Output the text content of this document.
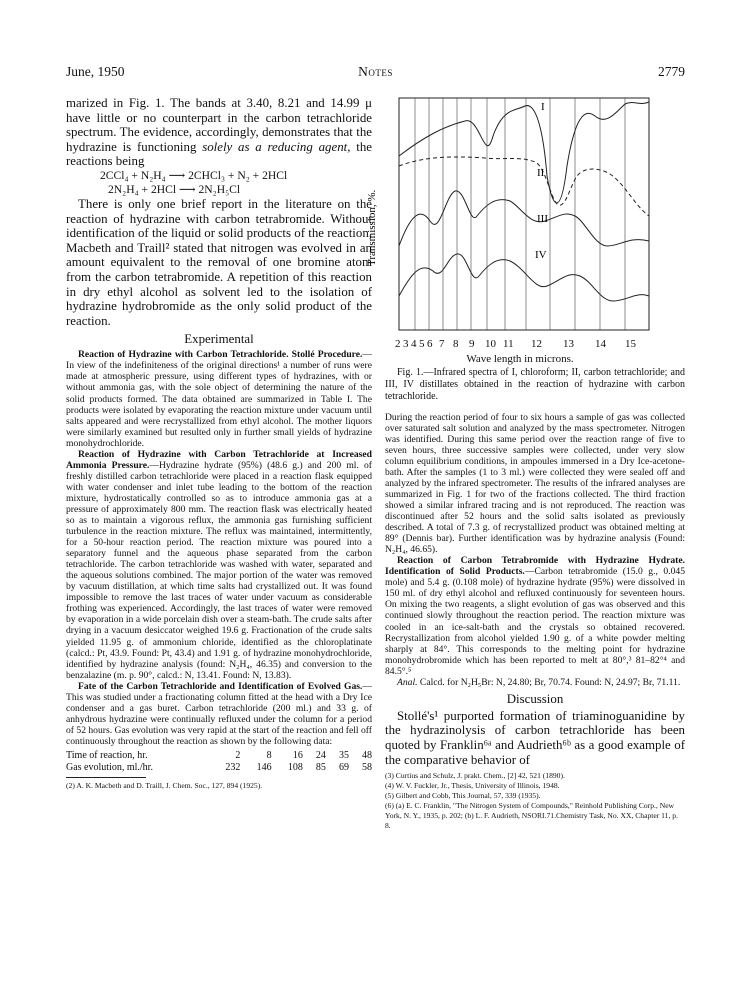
June, 1950	Notes	2779

marized in Fig. 1. The bands at 3.40, 8.21 and 14.99 μ have little or no counterpart in the carbon tetrachloride spectrum. The evidence, accordingly, demonstrates that the hydrazine is functioning solely as a reducing agent, the reactions being

2CCl₄ + N₂H₄ ⟶ 2CHCl₃ + N₂ + 2HCl
2N₂H₄ + 2HCl ⟶ 2N₂H₅Cl

There is only one brief report in the literature on the reaction of hydrazine with carbon tetrabromide. Without identification of the liquid or solid products of the reaction, Macbeth and Traill² stated that nitrogen was evolved in an amount equivalent to the removal of one bromine atom from the carbon tetrabromide. A repetition of this reaction in dry ethyl alcohol as solvent led to the isolation of hydrazine hydrobromide as the only solid product of the reaction.

Experimental

Reaction of Hydrazine with Carbon Tetrachloride. Stollé Procedure.—In view of the indefiniteness of the original directions¹ a number of runs were made at atmospheric pressure, using different types of hydrazines, with or without ammonia gas, with the sole object of determining the nature of the solid products formed. The data obtained are summarized in Table I. The products were isolated by evaporating the reaction mixture under vacuum until salts appeared and were recrystallized from ethyl alcohol. The mother liquors were similarly examined but resulted only in further small yields of hydrazine monohydrochloride.

Reaction of Hydrazine with Carbon Tetrachloride at Increased Ammonia Pressure.—Hydrazine hydrate (95%) (48.6 g.) and 200 ml. of freshly distilled carbon tetrachloride were placed in a reaction flask equipped with water condenser and inlet tube leading to the bottom of the reaction mixture, hydrostatically controlled so as to introduce ammonia gas at a pressure of approximately 800 mm. The reaction flask was electrically heated so as to maintain a vigorous reflux, the ammonia gas furnishing sufficient turbulence in the reaction mixture. The reflux was maintained, intermittently, for a 50-hour reaction period. The reaction mixture was poured into a separatory funnel and the aqueous phase separated from the carbon tetrachloride. The carbon tetrachloride was washed with water, separated and the aqueous solutions combined. The major portion of the water was removed by vacuum distillation, at which time salts had crystallized out. It was found impossible to remove the last traces of water under vacuum as considerable frothing was experienced. Accordingly, the last traces of water were removed by evaporation in a wide porcelain dish over a steam-bath. The crude salts after drying in a vacuum desiccator weighed 19.6 g. Fractionation of the crude salts yielded 11.95 g. of ammonium chloride, identified as the chloroplatinate (calcd.: Pt, 43.9. Found: Pt, 43.4) and 1.91 g. of hydrazine monohydrochloride, identified by hydrazine analysis (found: N₂H₄, 46.35) and conversion to the benzalazine (m. p. 90°, calcd.: N, 13.41. Found: N, 13.83).

Fate of the Carbon Tetrachloride and Identification of Evolved Gas.—This was studied under a fractionating column fitted at the head with a Dry Ice condenser and a gas buret. Carbon tetrachloride (200 ml.) and 33 g. of anhydrous hydrazine were continually refluxed under the column for a period of 52 hours. Gas evolution was very rapid at the start of the reaction and fell off continuously throughout the reaction as shown by the following data:

Time of reaction, hr.	2	8	16	24	35	48
Gas evolution, ml./hr.	232	146	108	85	69	58
(2) A. K. Macbeth and D. Traill, J. Chem. Soc., 127, 894 (1925).
I
II
III
IV
Transmission, %.
2 3 4 5 6 7 8 9 10 11 12 13 14 15
Wave length in microns.

Fig. 1.—Infrared spectra of I, chloroform; II, carbon tetrachloride; and III, IV distillates obtained in the reaction of hydrazine with carbon tetrachloride.

During the reaction period of four to six hours a sample of gas was collected over saturated salt solution and analyzed by the mass spectrometer. Nitrogen was identified. During this same period over the reaction range of five to seven hours, three successive samples were collected, under very slow column equilibrium conditions, in ampoules immersed in a Dry Ice-acetone-bath. After the samples (1 to 3 ml.) were collected they were sealed off and analyzed by the infrared spectrometer. The results of the infrared analyses are summarized in Fig. 1 for two of the fractions collected. The third fraction showed a similar infrared tracing and is not reproduced. The reaction was discontinued after 52 hours and the solid salts isolated as previously described. A total of 7.3 g. of recrystallized product was obtained melting at 89° (Dennis bar). Further identification was by hydrazine analysis (Found: N₂H₄, 46.65).

Reaction of Carbon Tetrabromide with Hydrazine Hydrate. Identification of Solid Products.—Carbon tetrabromide (15.0 g., 0.045 mole) and 5.4 g. (0.108 mole) of hydrazine hydrate (95%) were dissolved in 150 ml. of dry ethyl alcohol and refluxed continuously for seventeen hours. On mixing the two reagents, a slight evolution of gas was observed and this continued slowly throughout the reaction period. The reaction mixture was cooled in an ice-salt-bath and the crystals so obtained recovered. Recrystallization from alcohol yielded 1.90 g. of a white powder melting sharply at 84°. This corresponds to the melting point for hydrazine monohydrobromide which has been reported to melt at 80°,³ 81–82°⁴ and 84.5°.⁵

Anal. Calcd. for N₂H₅Br: N, 24.80; Br, 70.74. Found: N, 24.97; Br, 71.11.

Discussion

Stollé's¹ purported formation of triaminoguanidine by the hydrazinolysis of carbon tetrachloride has been quoted by Franklin⁶ᵃ and Audrieth⁶ᵇ as a good example of the comparative behavior of

(3) Curtius and Schulz, J. prakt. Chem., [2] 42, 521 (1890).
(4) W. V. Fuckler, Jr., Thesis, University of Illinois, 1948.
(5) Gilbert and Cobb, This Journal, 57, 339 (1935).
(6) (a) E. C. Franklin, "The Nitrogen System of Compounds," Reinhold Publishing Corp., New York, N. Y., 1935, p. 202; (b) L. F. Audrieth, NSORI.71.Chemistry Task, No. XX, Chapter 11, p. 8.
